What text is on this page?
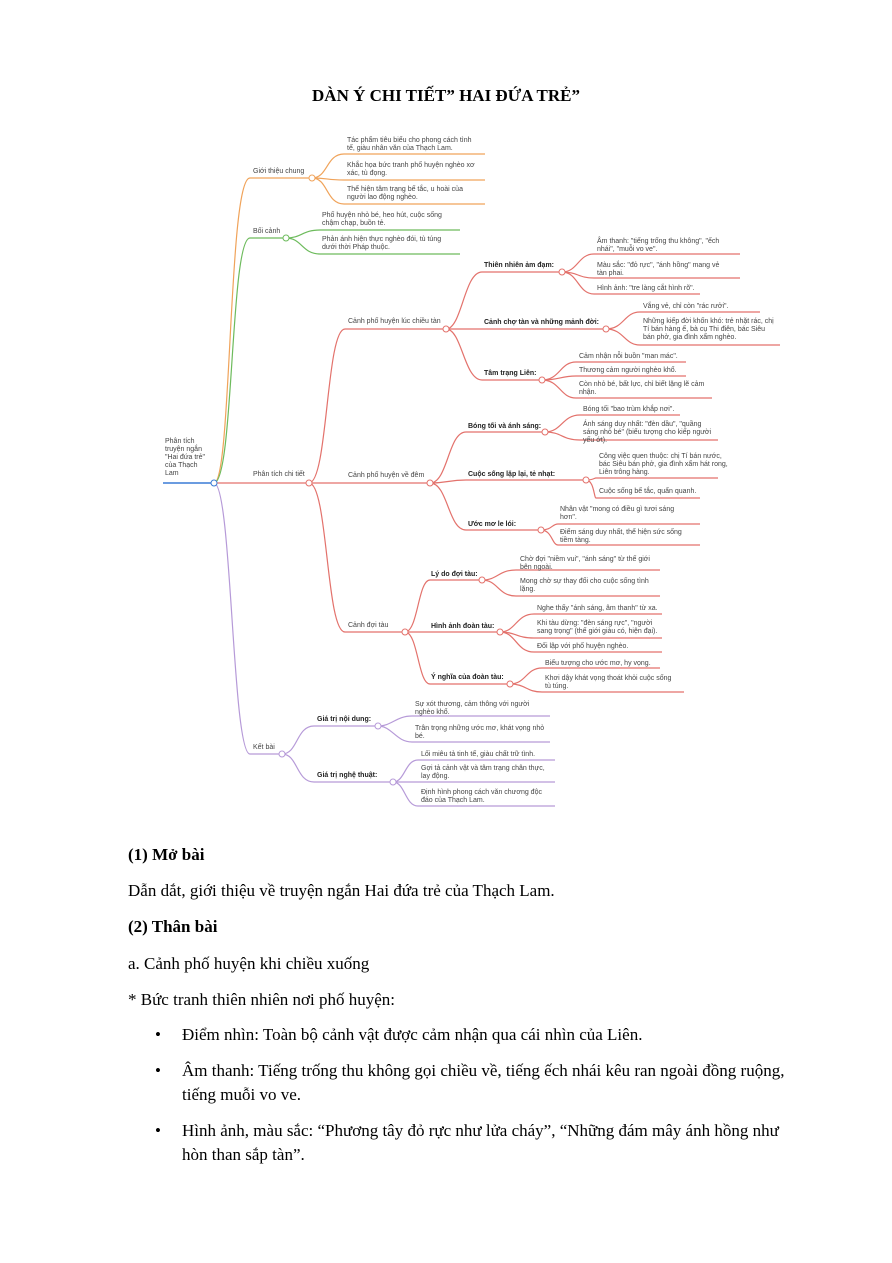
DÀN Ý CHI TIẾT” HAI ĐỨA TRẺ”
Phân tích
truyện ngắn
"Hai đứa trẻ"
của Thạch
Lam
Giới thiệu chung
Tác phẩm tiêu biểu cho phong cách tình
tế, giàu nhân văn của Thạch Lam.
Khắc họa bức tranh phố huyện nghèo xơ
xác, tù đọng.
Thể hiện tâm trạng bế tắc, u hoài của
người lao động nghèo.
Bối cảnh
Phố huyện nhỏ bé, heo hút, cuộc sống
chậm chạp, buồn tẻ.
Phản ánh hiện thực nghèo đói, tù túng
dưới thời Pháp thuộc.
Phân tích chi tiết
Cảnh phố huyện lúc chiều tàn
Thiên nhiên ảm đạm:
Âm thanh: "tiếng trống thu không", "ếch
nhái", "muỗi vo ve".
Màu sắc: "đỏ rực", "ánh hồng" mang vẻ
tàn phai.
Hình ảnh: "tre làng cắt hình rõ".
Cảnh chợ tàn và những mảnh đời:
Vắng vẻ, chỉ còn "rác rưởi".
Những kiếp đời khốn khó: trẻ nhặt rác, chị
Tí bán hàng ế, bà cụ Thi điên, bác Siêu
bán phở, gia đình xẩm nghèo.
Tâm trạng Liên:
Cảm nhận nỗi buồn "man mác".
Thương cảm người nghèo khổ.
Còn nhỏ bé, bất lực, chỉ biết lặng lẽ cảm
nhận.
Cảnh phố huyện về đêm
Bóng tối và ánh sáng:
Bóng tối "bao trùm khắp nơi".
Ánh sáng duy nhất: "đèn dầu", "quầng
sáng nhỏ bé" (biểu tượng cho kiếp người
yếu ớt).
Cuộc sống lặp lại, tẻ nhạt:
Công việc quen thuộc: chị Tí bán nước,
bác Siêu bán phở, gia đình xẩm hát rong,
Liên trông hàng.
Cuộc sống bế tắc, quẩn quanh.
Ước mơ le lói:
Nhân vật "mong có điều gì tươi sáng
hơn".
Điểm sáng duy nhất, thể hiện sức sống
tiềm tàng.
Cảnh đợi tàu
Lý do đợi tàu:
Chờ đợi "niềm vui", "ánh sáng" từ thế giới
bên ngoài.
Mong chờ sự thay đổi cho cuộc sống tình
lặng.
Hình ảnh đoàn tàu:
Nghe thấy "ánh sáng, âm thanh" từ xa.
Khi tàu dừng: "đèn sáng rực", "người
sang trọng" (thế giới giàu có, hiện đại).
Đối lập với phố huyện nghèo.
Ý nghĩa của đoàn tàu:
Biểu tượng cho ước mơ, hy vọng.
Khơi dậy khát vọng thoát khỏi cuộc sống
tù túng.
Kết bài
Giá trị nội dung:
Sự xót thương, cảm thông với người
nghèo khổ.
Trân trọng những ước mơ, khát vọng nhỏ
bé.
Giá trị nghệ thuật:
Lối miêu tả tinh tế, giàu chất trữ tình.
Gợi tả cảnh vật và tâm trạng chân thực,
lay động.
Định hình phong cách văn chương độc
đáo của Thạch Lam.
(1) Mở bài
Dẫn dắt, giới thiệu về truyện ngắn Hai đứa trẻ của Thạch Lam.
(2) Thân bài
a. Cảnh phố huyện khi chiều xuống
* Bức tranh thiên nhiên nơi phố huyện:
• Điểm nhìn: Toàn bộ cảnh vật được cảm nhận qua cái nhìn của Liên.
• Âm thanh: Tiếng trống thu không gọi chiều về, tiếng ếch nhái kêu ran ngoài đồng ruộng, tiếng muỗi vo ve.
• Hình ảnh, màu sắc: “Phương tây đỏ rực như lửa cháy”, “Những đám mây ánh hồng như hòn than sắp tàn”.
